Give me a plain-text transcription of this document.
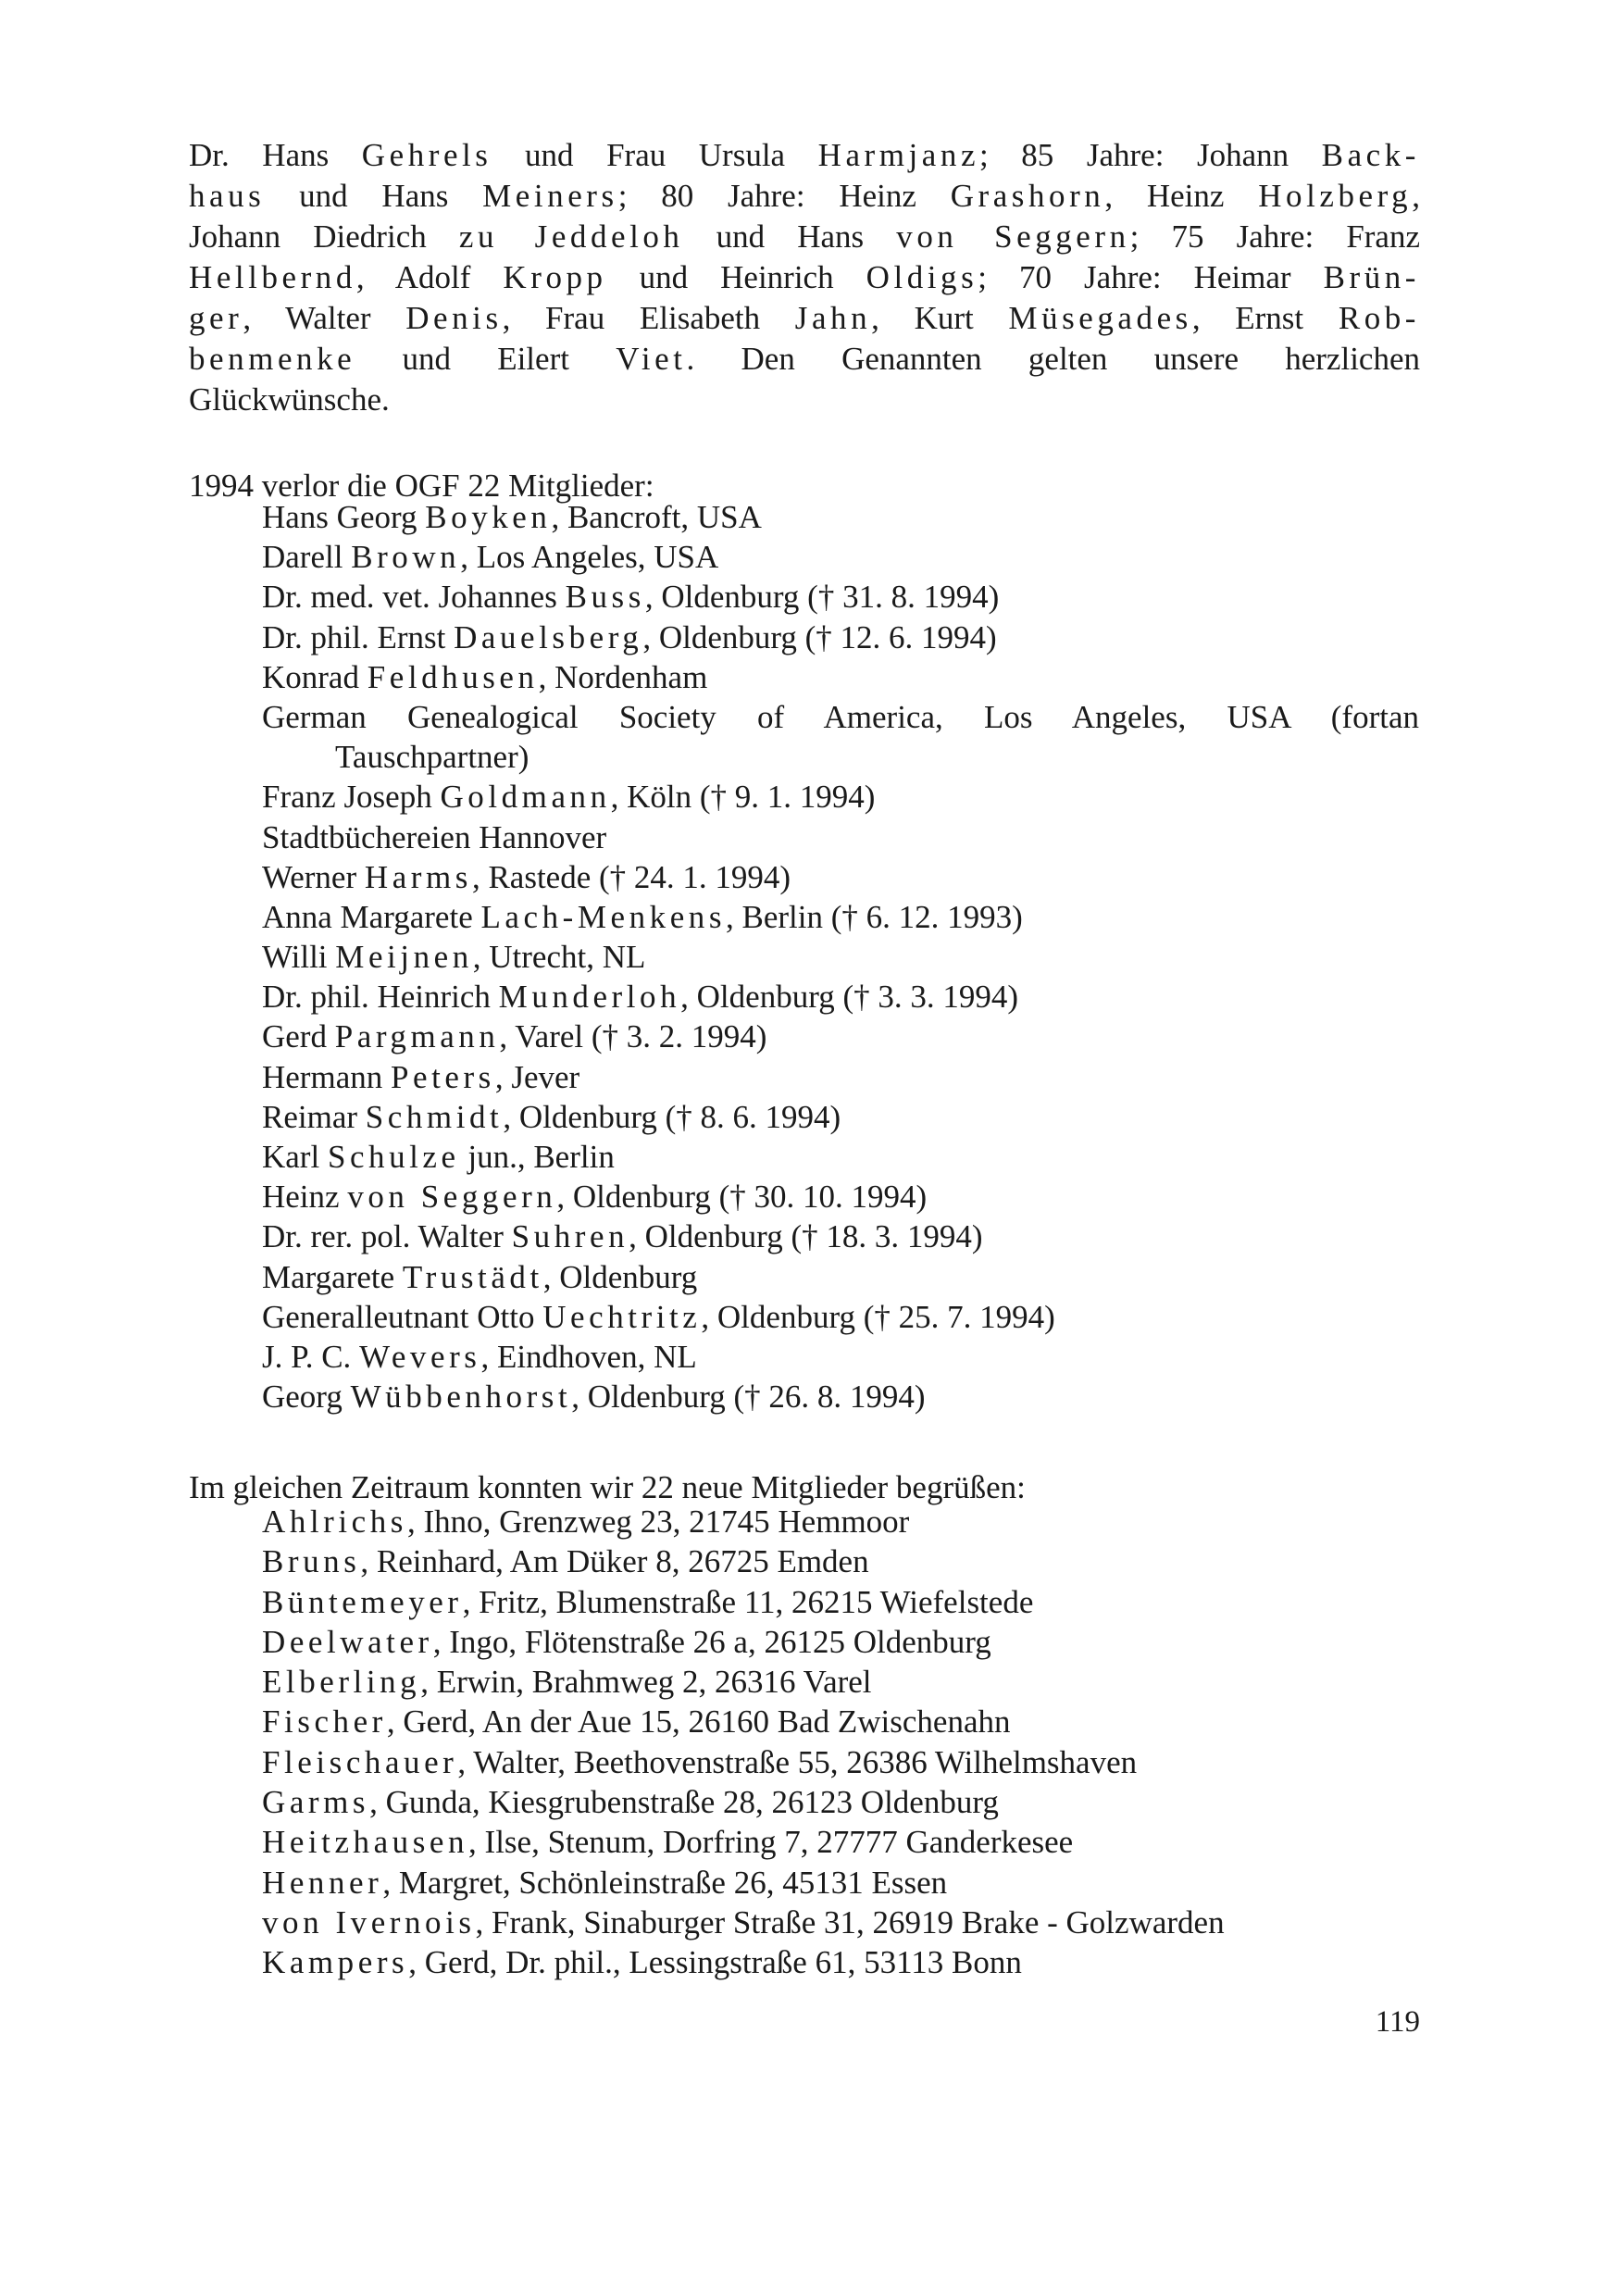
Dr. Hans Gehrels und Frau Ursula Harmjanz; 85 Jahre: Johann Back-
haus und Hans Meiners; 80 Jahre: Heinz Grashorn, Heinz Holzberg,
Johann Diedrich zu Jeddeloh und Hans von Seggern; 75 Jahre: Franz
Hellbernd, Adolf Kropp und Heinrich Oldigs; 70 Jahre: Heimar Brün-
ger, Walter Denis, Frau Elisabeth Jahn, Kurt Müsegades, Ernst Rob-
benmenke und Eilert Viet. Den Genannten gelten unsere herzlichen
Glückwünsche.
1994 verlor die OGF 22 Mitglieder:
Hans Georg Boyken, Bancroft, USA
Darell Brown, Los Angeles, USA
Dr. med. vet. Johannes Buss, Oldenburg († 31. 8. 1994)
Dr. phil. Ernst Dauelsberg, Oldenburg († 12. 6. 1994)
Konrad Feldhusen, Nordenham
German Genealogical Society of America, Los Angeles, USA (fortan
Tauschpartner)
Franz Joseph Goldmann, Köln († 9. 1. 1994)
Stadtbüchereien Hannover
Werner Harms, Rastede († 24. 1. 1994)
Anna Margarete Lach-Menkens, Berlin († 6. 12. 1993)
Willi Meijnen, Utrecht, NL
Dr. phil. Heinrich Munderloh, Oldenburg († 3. 3. 1994)
Gerd Pargmann, Varel († 3. 2. 1994)
Hermann Peters, Jever
Reimar Schmidt, Oldenburg († 8. 6. 1994)
Karl Schulze jun., Berlin
Heinz von Seggern, Oldenburg († 30. 10. 1994)
Dr. rer. pol. Walter Suhren, Oldenburg († 18. 3. 1994)
Margarete Trustädt, Oldenburg
Generalleutnant Otto Uechtritz, Oldenburg († 25. 7. 1994)
J. P. C. Wevers, Eindhoven, NL
Georg Wübbenhorst, Oldenburg († 26. 8. 1994)
Im gleichen Zeitraum konnten wir 22 neue Mitglieder begrüßen:
Ahlrichs, Ihno, Grenzweg 23, 21745 Hemmoor
Bruns, Reinhard, Am Düker 8, 26725 Emden
Büntemeyer, Fritz, Blumenstraße 11, 26215 Wiefelstede
Deelwater, Ingo, Flötenstraße 26 a, 26125 Oldenburg
Elberling, Erwin, Brahmweg 2, 26316 Varel
Fischer, Gerd, An der Aue 15, 26160 Bad Zwischenahn
Fleischauer, Walter, Beethovenstraße 55, 26386 Wilhelmshaven
Garms, Gunda, Kiesgrubenstraße 28, 26123 Oldenburg
Heitzhausen, Ilse, Stenum, Dorfring 7, 27777 Ganderkesee
Henner, Margret, Schönleinstraße 26, 45131 Essen
von Ivernois, Frank, Sinaburger Straße 31, 26919 Brake - Golzwarden
Kampers, Gerd, Dr. phil., Lessingstraße 61, 53113 Bonn
119
